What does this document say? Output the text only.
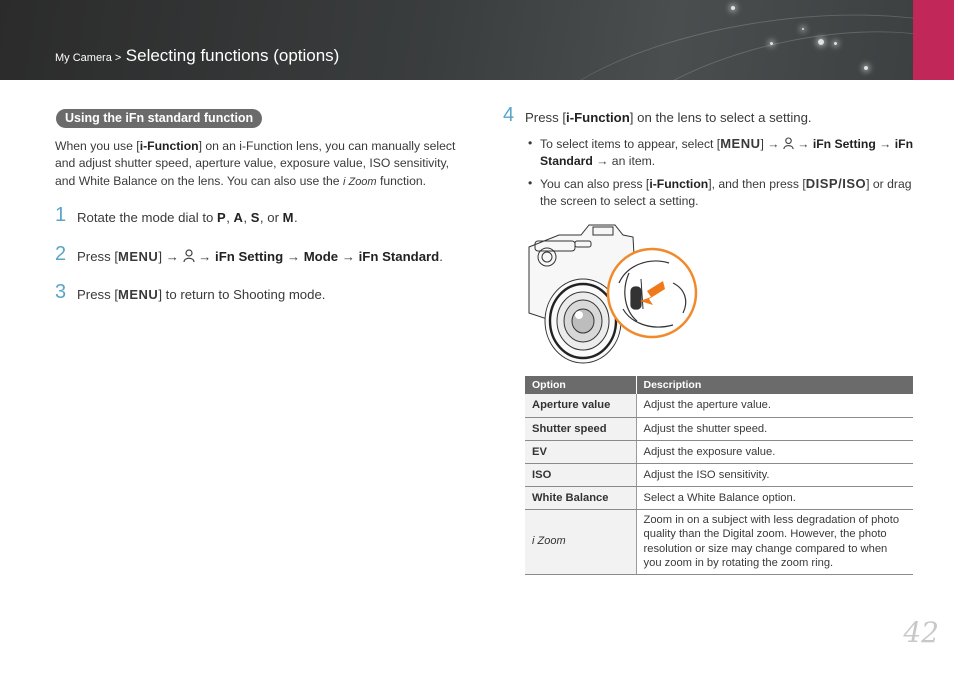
My Camera > Selecting functions (options)
Using the iFn standard function
When you use [i-Function] on an i-Function lens, you can manually select and adjust shutter speed, aperture value, exposure value, ISO sensitivity, and White Balance on the lens. You can also use the i Zoom function.
1 Rotate the mode dial to P, A, S, or M.
2 Press [MENU] →  → iFn Setting → Mode → iFn Standard.
3 Press [MENU] to return to Shooting mode.
4 Press [i-Function] on the lens to select a setting.
• To select items to appear, select [MENU] →  → iFn Setting → iFn Standard → an item.
• You can also press [i-Function], and then press [DISP/ISO] or drag the screen to select a setting.
Option	Description
Aperture value	Adjust the aperture value.
Shutter speed	Adjust the shutter speed.
EV	Adjust the exposure value.
ISO	Adjust the ISO sensitivity.
White Balance	Select a White Balance option.
i Zoom	Zoom in on a subject with less degradation of photo quality than the Digital zoom. However, the photo resolution or size may change compared to when you zoom in by rotating the zoom ring.
42
